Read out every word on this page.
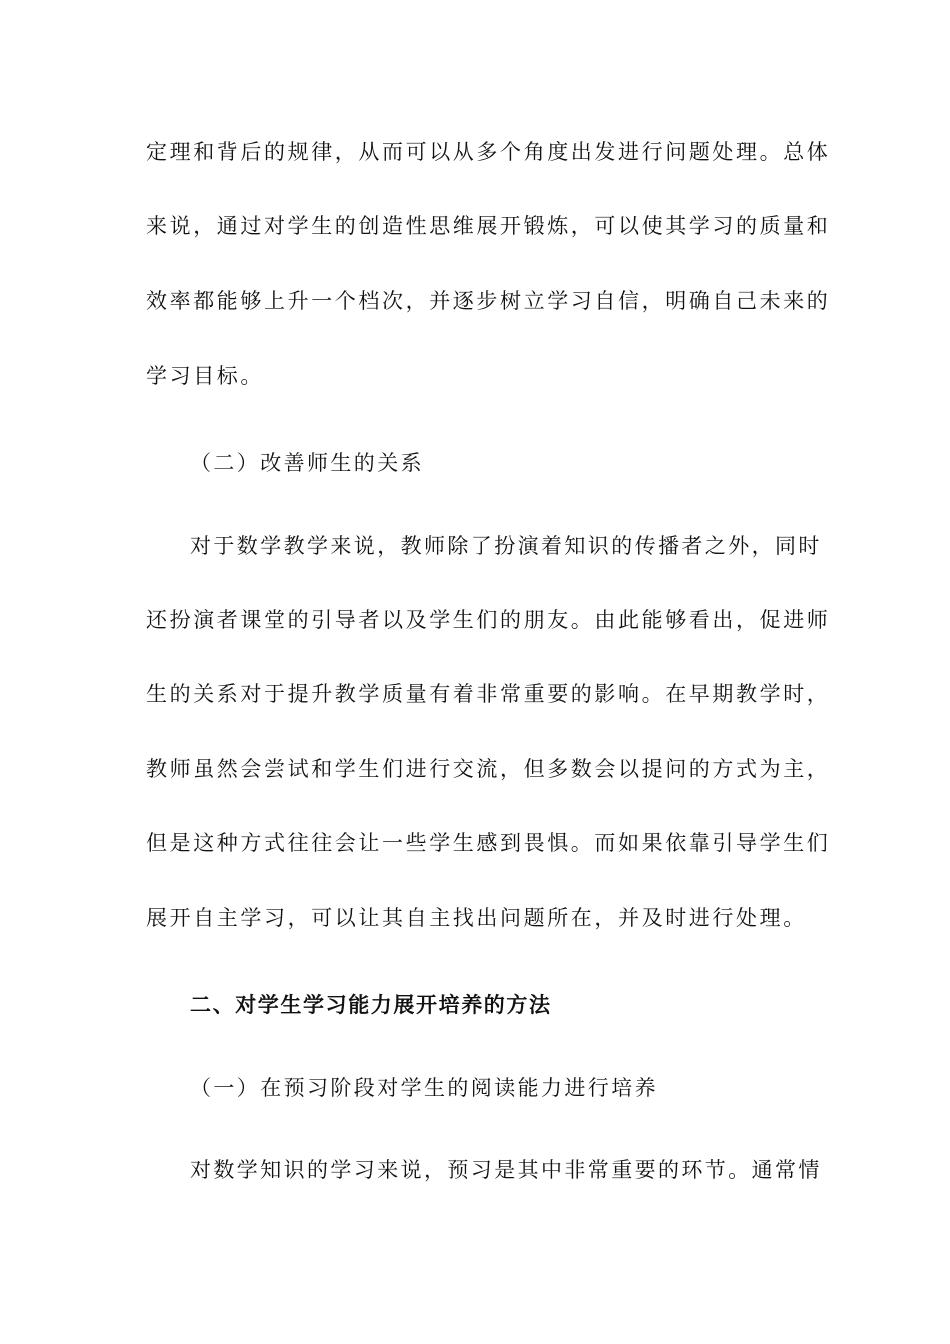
定理和背后的规律，从而可以从多个角度出发进行问题处理。总体
来说，通过对学生的创造性思维展开锻炼，可以使其学习的质量和
效率都能够上升一个档次，并逐步树立学习自信，明确自己未来的
学习目标。
（二）改善师生的关系
对于数学教学来说，教师除了扮演着知识的传播者之外，同时
还扮演者课堂的引导者以及学生们的朋友。由此能够看出，促进师
生的关系对于提升教学质量有着非常重要的影响。在早期教学时，
教师虽然会尝试和学生们进行交流，但多数会以提问的方式为主，
但是这种方式往往会让一些学生感到畏惧。而如果依靠引导学生们
展开自主学习，可以让其自主找出问题所在，并及时进行处理。
二、对学生学习能力展开培养的方法
（一）在预习阶段对学生的阅读能力进行培养
对数学知识的学习来说，预习是其中非常重要的环节。通常情
